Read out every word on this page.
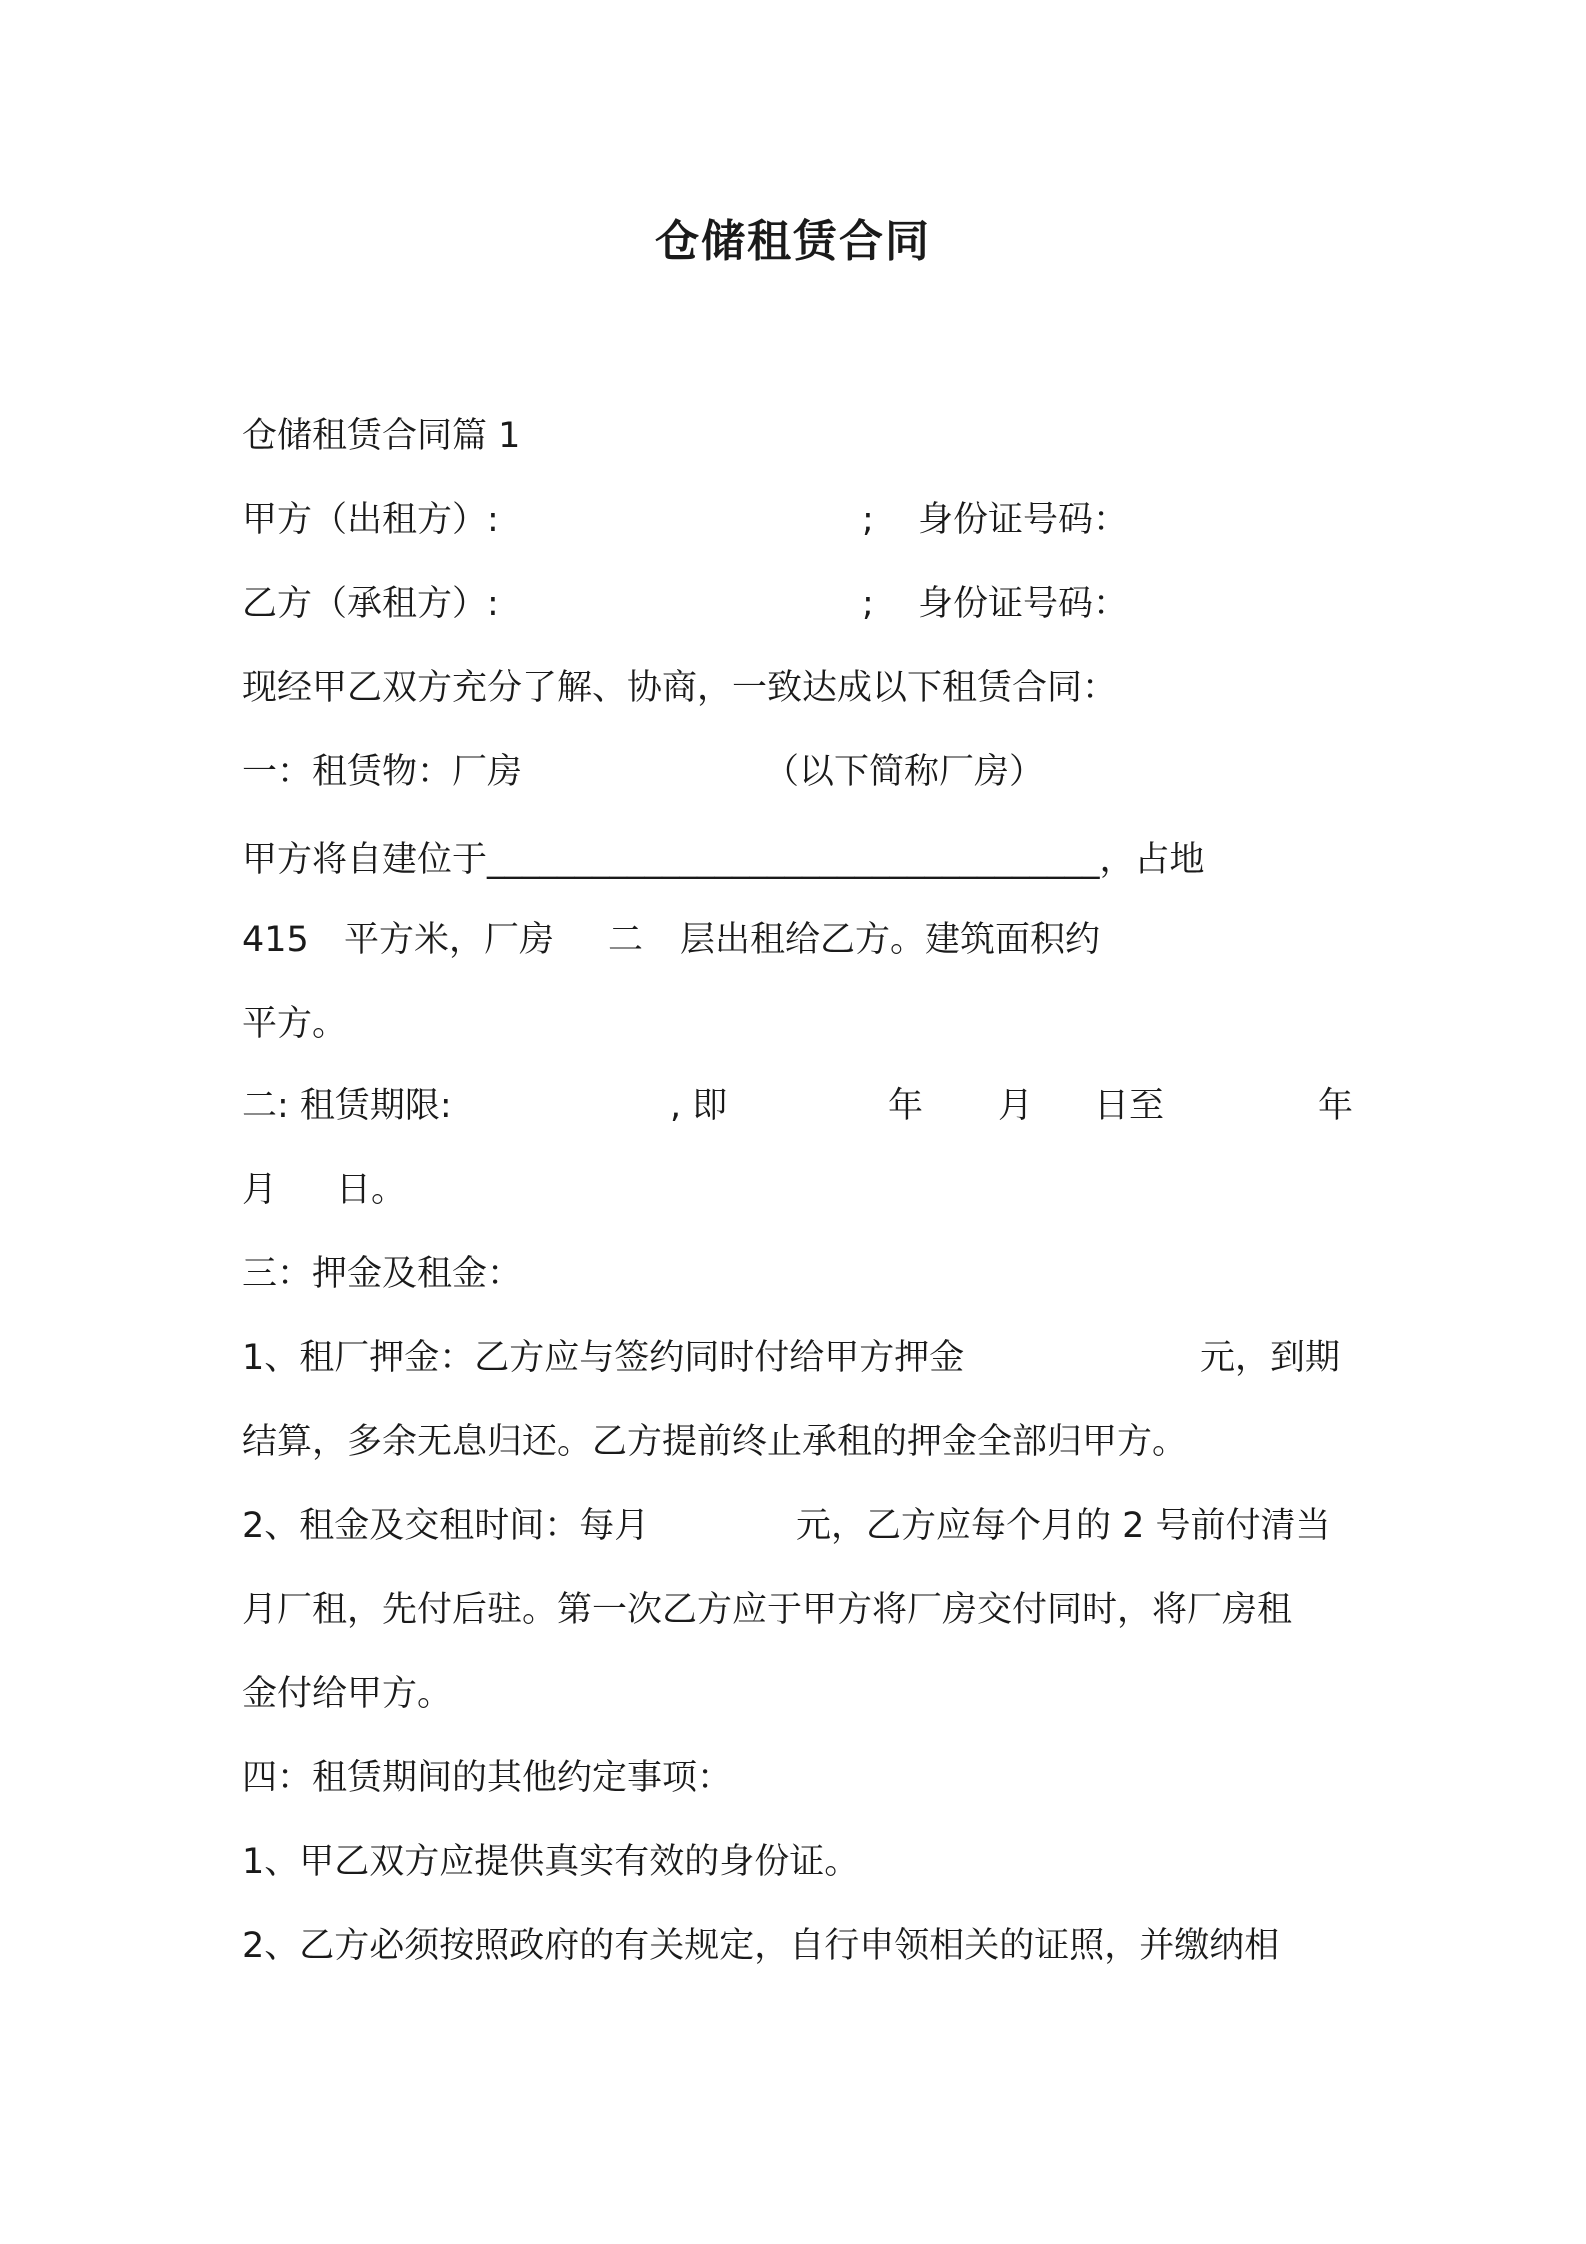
仓储租赁合同
仓储租赁合同篇 1
甲方（出租方）:	; 身份证号码：
乙方（承租方）:	; 身份证号码：
现经甲乙双方充分了解、协商，一致达成以下租赁合同：
一：租赁物：厂房	（以下简称厂房）
甲方将自建位于___________________________________，占地
415 平方米，厂房 二 层出租给乙方。建筑面积约
平方。
二: 租赁期限:	, 即	年 月 日至	年
月 日。
三：押金及租金：
1、租厂押金：乙方应与签约同时付给甲方押金	元，到期
结算，多余无息归还。乙方提前终止承租的押金全部归甲方。
2、租金及交租时间：每月	元，乙方应每个月的 2 号前付清当
月厂租，先付后驻。第一次乙方应于甲方将厂房交付同时，将厂房租
金付给甲方。
四：租赁期间的其他约定事项：
1、甲乙双方应提供真实有效的身份证。
2、乙方必须按照政府的有关规定，自行申领相关的证照，并缴纳相
